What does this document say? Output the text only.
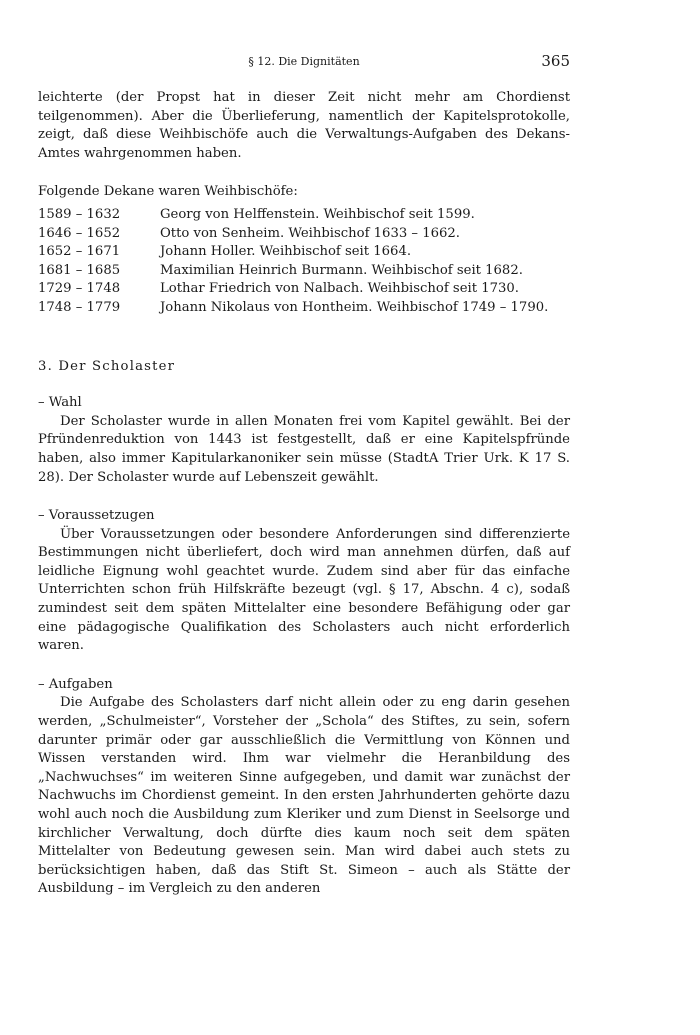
§ 12. Die Dignitäten	365

leichterte (der Propst hat in dieser Zeit nicht mehr am Chordienst teilgenommen). Aber die Überlieferung, namentlich der Kapitelsprotokolle, zeigt, daß diese Weihbischöfe auch die Verwaltungs-Aufgaben des Dekans-Amtes wahrgenommen haben.

Folgende Dekane waren Weihbischöfe:

1589 – 1632	Georg von Helffenstein. Weihbischof seit 1599.
1646 – 1652	Otto von Senheim. Weihbischof 1633 – 1662.
1652 – 1671	Johann Holler. Weihbischof seit 1664.
1681 – 1685	Maximilian Heinrich Burmann. Weihbischof seit 1682.
1729 – 1748	Lothar Friedrich von Nalbach. Weihbischof seit 1730.
1748 – 1779	Johann Nikolaus von Hontheim. Weihbischof 1749 – 1790.

3. Der Scholaster

– Wahl

Der Scholaster wurde in allen Monaten frei vom Kapitel gewählt. Bei der Pfründenreduktion von 1443 ist festgestellt, daß er eine Kapitelspfründe haben, also immer Kapitularkanoniker sein müsse (StadtA Trier Urk. K 17 S. 28). Der Scholaster wurde auf Lebenszeit gewählt.

– Voraussetzugen

Über Voraussetzungen oder besondere Anforderungen sind differenzierte Bestimmungen nicht überliefert, doch wird man annehmen dürfen, daß auf leidliche Eignung wohl geachtet wurde. Zudem sind aber für das einfache Unterrichten schon früh Hilfskräfte bezeugt (vgl. § 17, Abschn. 4 c), sodaß zumindest seit dem späten Mittelalter eine besondere Befähigung oder gar eine pädagogische Qualifikation des Scholasters auch nicht erforderlich waren.

– Aufgaben

Die Aufgabe des Scholasters darf nicht allein oder zu eng darin gesehen werden, „Schulmeister“, Vorsteher der „Schola“ des Stiftes, zu sein, sofern darunter primär oder gar ausschließlich die Vermittlung von Können und Wissen verstanden wird. Ihm war vielmehr die Heranbildung des „Nachwuchses“ im weiteren Sinne aufgegeben, und damit war zunächst der Nachwuchs im Chordienst gemeint. In den ersten Jahrhunderten gehörte dazu wohl auch noch die Ausbildung zum Kleriker und zum Dienst in Seelsorge und kirchlicher Verwaltung, doch dürfte dies kaum noch seit dem späten Mittelalter von Bedeutung gewesen sein. Man wird dabei auch stets zu berücksichtigen haben, daß das Stift St. Simeon – auch als Stätte der Ausbildung – im Vergleich zu den anderen
